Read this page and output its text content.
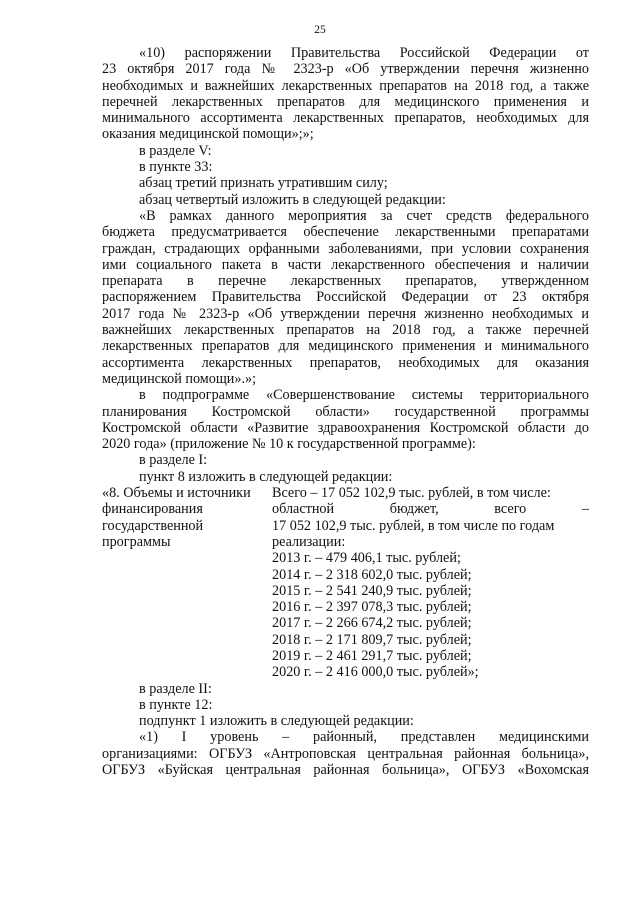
25

«10) распоряжении Правительства Российской Федерации от

23 октября 2017 года № 2323-р «Об утверждении перечня жизненно

необходимых и важнейших лекарственных препаратов на 2018 год, а также

перечней лекарственных препаратов для медицинского применения и

минимального ассортимента лекарственных препаратов, необходимых для

оказания медицинской помощи»;»;

в разделе V:

в пункте 33:

абзац третий признать утратившим силу;

абзац четвертый изложить в следующей редакции:

«В рамках данного мероприятия за счет средств федерального

бюджета предусматривается обеспечение лекарственными препаратами

граждан, страдающих орфанными заболеваниями, при условии сохранения

ими социального пакета в части лекарственного обеспечения и наличии

препарата в перечне лекарственных препаратов, утвержденном

распоряжением Правительства Российской Федерации от 23 октября

2017 года № 2323-р «Об утверждении перечня жизненно необходимых и

важнейших лекарственных препаратов на 2018 год, а также перечней

лекарственных препаратов для медицинского применения и минимального

ассортимента лекарственных препаратов, необходимых для оказания

медицинской помощи».»;

в подпрограмме «Совершенствование системы территориального

планирования Костромской области» государственной программы

Костромской области «Развитие здравоохранения Костромской области до

2020 года» (приложение № 10 к государственной программе):

в разделе I:

пункт 8 изложить в следующей редакции:

«8. Объемы и источники

финансирования

государственной

программы

Всего – 17 052 102,9 тыс. рублей, в том числе:

областной бюджет, всего –

17 052 102,9 тыс. рублей, в том числе по годам

реализации:

2013 г. – 479 406,1 тыс. рублей;

2014 г. – 2 318 602,0 тыс. рублей;

2015 г. – 2 541 240,9 тыс. рублей;

2016 г. – 2 397 078,3 тыс. рублей;

2017 г. – 2 266 674,2 тыс. рублей;

2018 г. – 2 171 809,7 тыс. рублей;

2019 г. – 2 461 291,7 тыс. рублей;

2020 г. – 2 416 000,0 тыс. рублей»;

в разделе II:

в пункте 12:

подпункт 1 изложить в следующей редакции:

«1) I уровень – районный, представлен медицинскими

организациями: ОГБУЗ «Антроповская центральная районная больница»,

ОГБУЗ «Буйская центральная районная больница», ОГБУЗ «Вохомская
